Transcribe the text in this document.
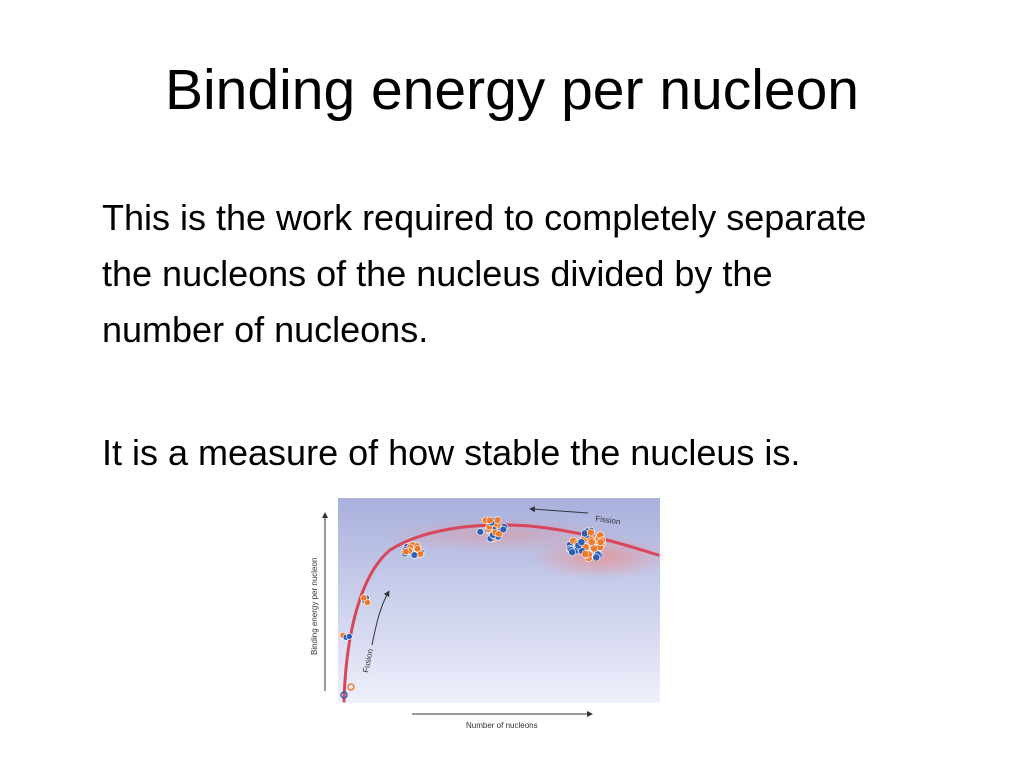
Binding energy per nucleon
This is the work required to completely separate the nucleons of the nucleus divided by the number of nucleons.
It is a measure of how stable the nucleus is.
Binding energy per nucleon
Number of nucleons
Fission
Fusion
